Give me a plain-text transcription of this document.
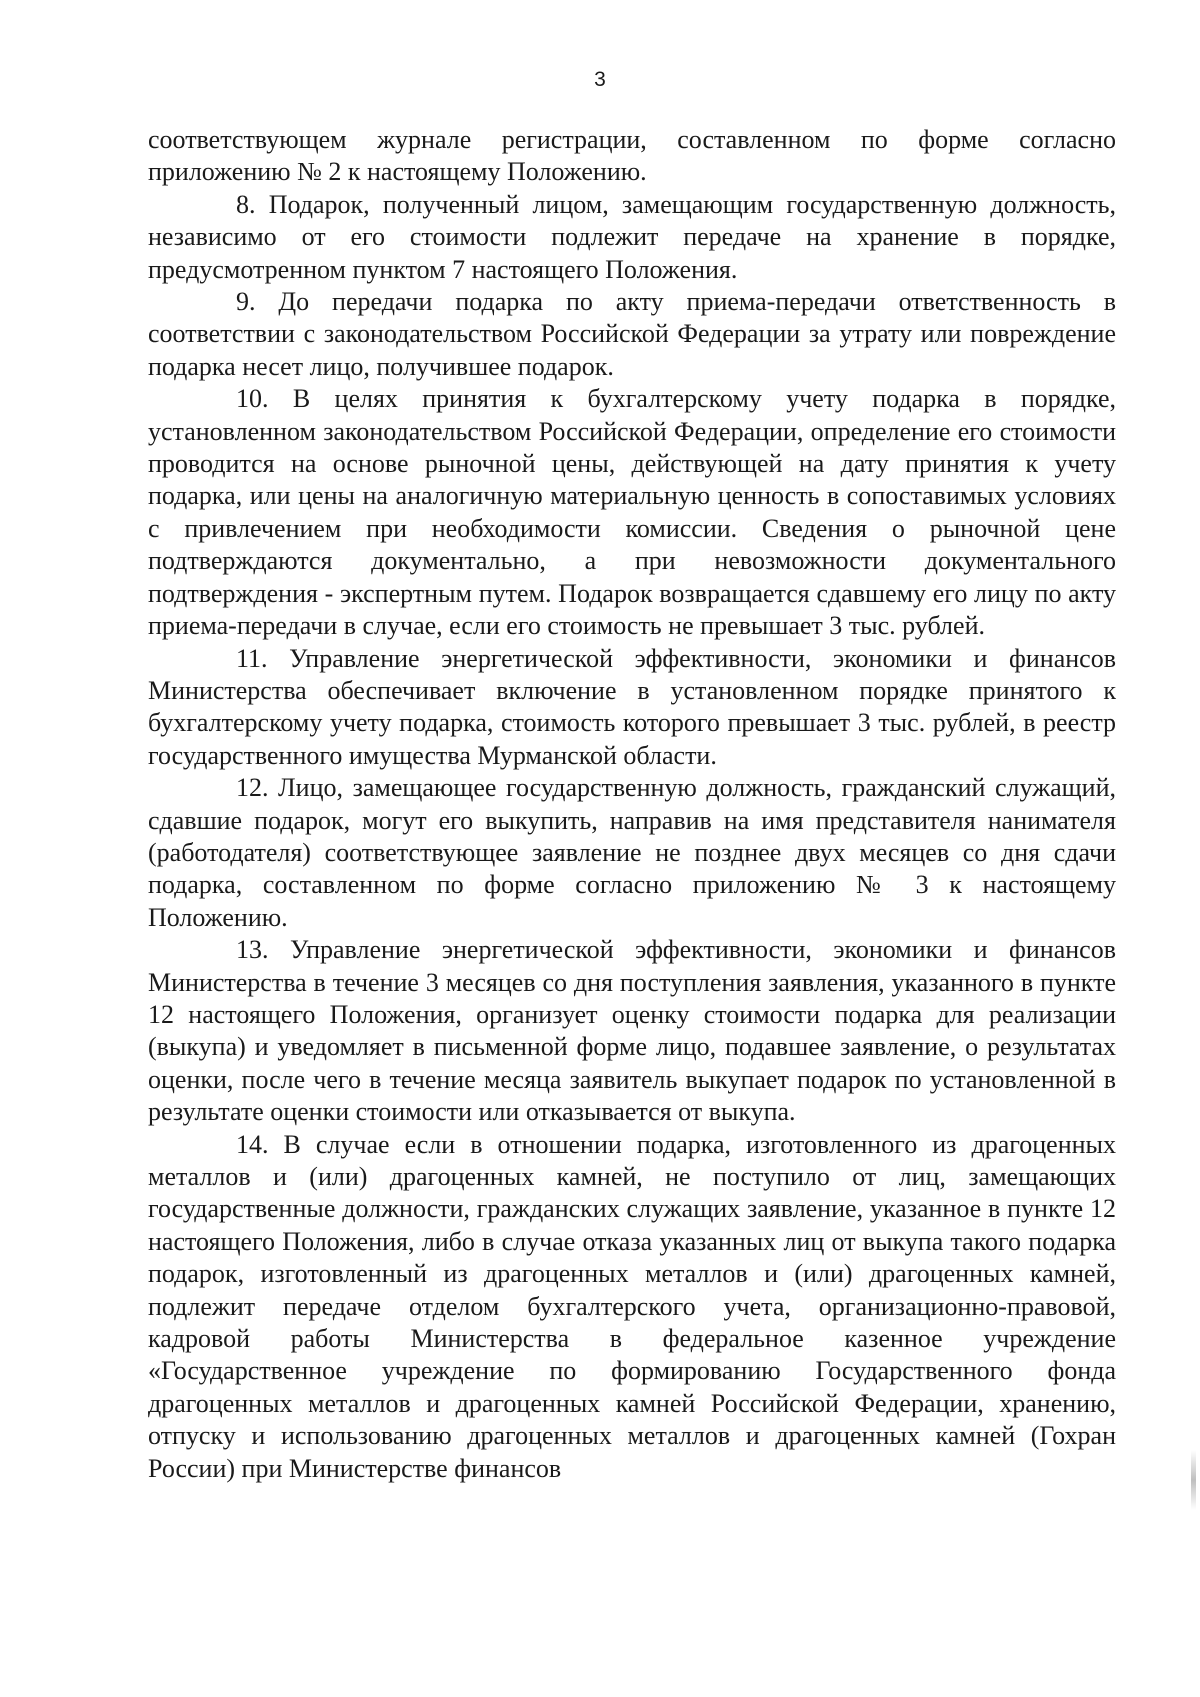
3

соответствующем журнале регистрации, составленном по форме согласно приложению № 2 к настоящему Положению.

8. Подарок, полученный лицом, замещающим государственную должность, независимо от его стоимости подлежит передаче на хранение в порядке, предусмотренном пунктом 7 настоящего Положения.

9. До передачи подарка по акту приема-передачи ответственность в соответствии с законодательством Российской Федерации за утрату или повреждение подарка несет лицо, получившее подарок.

10. В целях принятия к бухгалтерскому учету подарка в порядке, установленном законодательством Российской Федерации, определение его стоимости проводится на основе рыночной цены, действующей на дату принятия к учету подарка, или цены на аналогичную материальную ценность в сопоставимых условиях с привлечением при необходимости комиссии. Сведения о рыночной цене подтверждаются документально, а при невозможности документального подтверждения - экспертным путем. Подарок возвращается сдавшему его лицу по акту приема-передачи в случае, если его стоимость не превышает 3 тыс. рублей.

11. Управление энергетической эффективности, экономики и финансов Министерства обеспечивает включение в установленном порядке принятого к бухгалтерскому учету подарка, стоимость которого превышает 3 тыс. рублей, в реестр государственного имущества Мурманской области.

12. Лицо, замещающее государственную должность, гражданский служащий, сдавшие подарок, могут его выкупить, направив на имя представителя нанимателя (работодателя) соответствующее заявление не позднее двух месяцев со дня сдачи подарка, составленном по форме согласно приложению № 3 к настоящему Положению.

13. Управление энергетической эффективности, экономики и финансов Министерства в течение 3 месяцев со дня поступления заявления, указанного в пункте 12 настоящего Положения, организует оценку стоимости подарка для реализации (выкупа) и уведомляет в письменной форме лицо, подавшее заявление, о результатах оценки, после чего в течение месяца заявитель выкупает подарок по установленной в результате оценки стоимости или отказывается от выкупа.

14. В случае если в отношении подарка, изготовленного из драгоценных металлов и (или) драгоценных камней, не поступило от лиц, замещающих государственные должности, гражданских служащих заявление, указанное в пункте 12 настоящего Положения, либо в случае отказа указанных лиц от выкупа такого подарка подарок, изготовленный из драгоценных металлов и (или) драгоценных камней, подлежит передаче отделом бухгалтерского учета, организационно-правовой, кадровой работы Министерства в федеральное казенное учреждение «Государственное учреждение по формированию Государственного фонда драгоценных металлов и драгоценных камней Российской Федерации, хранению, отпуску и использованию драгоценных металлов и драгоценных камней (Гохран России) при Министерстве финансов
